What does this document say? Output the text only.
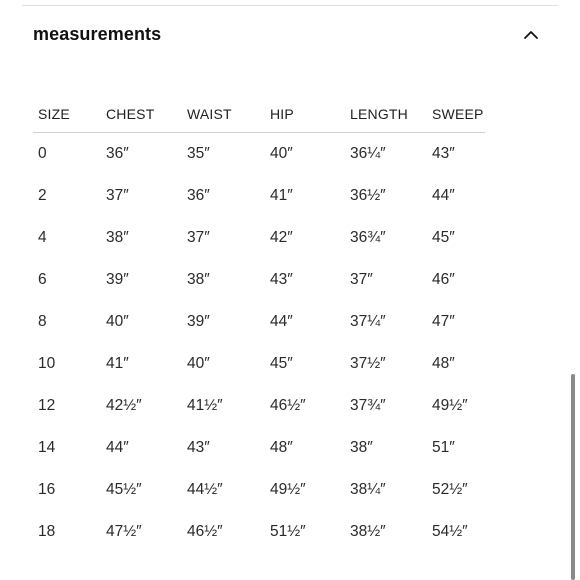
measurements
SIZE	CHEST	WAIST	HIP	LENGTH	SWEEP
0	36″	35″	40″	36¼″	43″
2	37″	36″	41″	36½″	44″
4	38″	37″	42″	36¾″	45″
6	39″	38″	43″	37″	46″
8	40″	39″	44″	37¼″	47″
10	41″	40″	45″	37½″	48″
12	42½″	41½″	46½″	37¾″	49½″
14	44″	43″	48″	38″	51″
16	45½″	44½″	49½″	38¼″	52½″
18	47½″	46½″	51½″	38½″	54½″
